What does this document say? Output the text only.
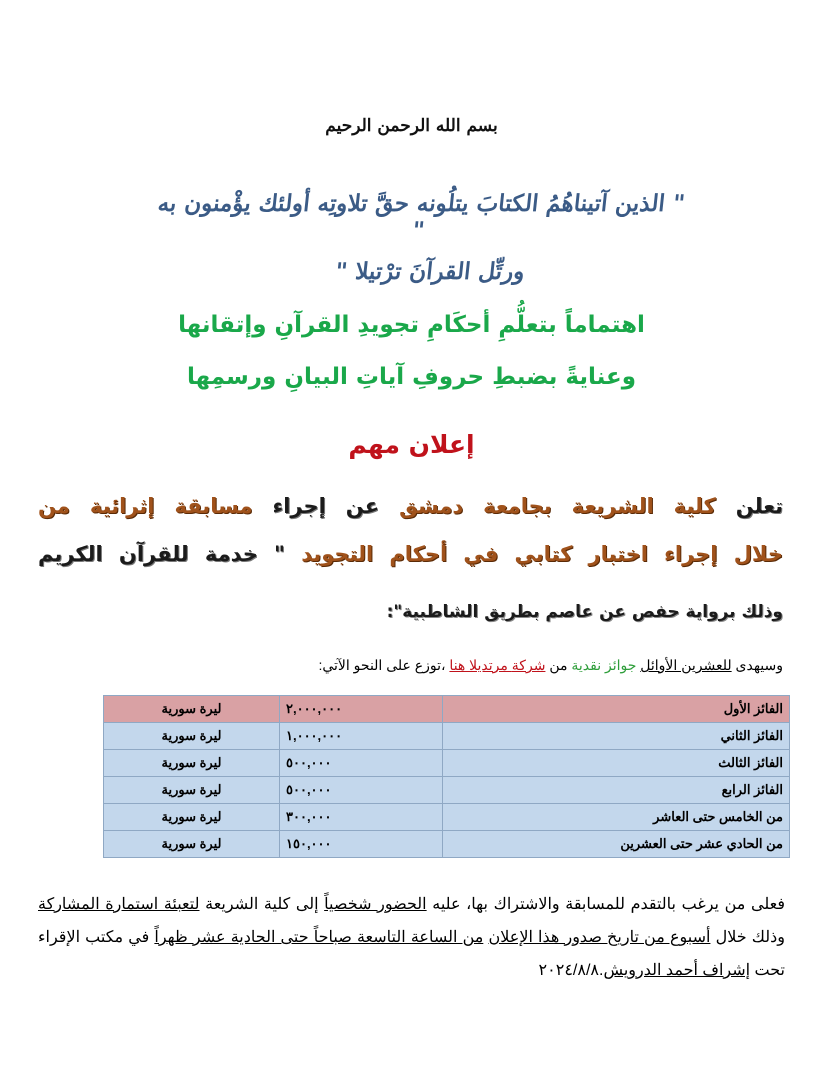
بسم الله الرحمن الرحيم
" الذين آتيناهُمُ الكتابَ يتلُونه حقَّ تلاوتِه أولئك يؤْمنون به "
ورتِّل القرآنَ ترْتيلا "
اهتماماً بتعلُّمِ أحكَامِ تجويدِ القرآنِ وإتقانها
وعنايةً بضبطِ حروفِ آياتِ البيانِ ورسمِها
إعلان مهم
تعلن كلية الشريعة بجامعة دمشق عن إجراء مسابقة إثرائية من
خلال إجراء اختبار كتابي في أحكام التجويد " خدمة للقرآن الكريم
وذلك برواية حفص عن عاصم بطريق الشاطبية":
وسيهدى للعشرين الأوائل جوائز نقدية من شركة مرتديلا هنا ،توزع على النحو الآتي:
الفائز الأول	٢,٠٠٠,٠٠٠	ليرة سورية
الفائز الثاني	١,٠٠٠,٠٠٠	ليرة سورية
الفائز الثالث	٥٠٠,٠٠٠	ليرة سورية
الفائز الرابع	٥٠٠,٠٠٠	ليرة سورية
من الخامس حتى العاشر	٣٠٠,٠٠٠	ليرة سورية
من الحادي عشر حتى العشرين	١٥٠,٠٠٠	ليرة سورية
فعلى من يرغب بالتقدم للمسابقة والاشتراك بها، عليه الحضور شخصياً إلى كلية الشريعة لتعبئة استمارة المشاركة وذلك خلال أسبوع من تاريخ صدور هذا الإعلان من الساعة التاسعة صباحاً حتى الحادية عشر ظهراً في مكتب الإقراء تحت إشراف أحمد الدرويش.٢٠٢٤/٨/٨
